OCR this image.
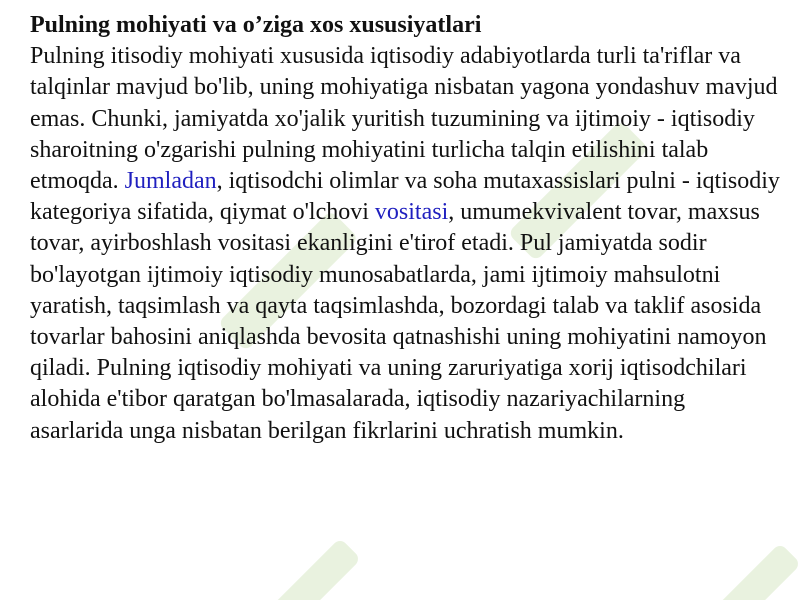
Pulning mohiyati va o’ziga xos xususiyatlari

Pulning itisodiy mohiyati xususida iqtisodiy adabiyotlarda turli ta'riflar va talqinlar mavjud bo'lib, uning mohiyatiga nisbatan yagona yondashuv mavjud emas. Chunki, jamiyatda xo'jalik yuritish tuzumining va ijtimoiy - iqtisodiy sharoitning o'zgarishi pulning mohiyatini turlicha talqin etilishini talab etmoqda. Jumladan, iqtisodchi olimlar va soha mutaxassislari pulni - iqtisodiy kategoriya sifatida, qiymat o'lchovi vositasi, umumekvivalent tovar, maxsus tovar, ayirboshlash vositasi ekanligini e'tirof etadi. Pul jamiyatda sodir bo'layotgan ijtimoiy iqtisodiy munosabatlarda, jami ijtimoiy mahsulotni yaratish, taqsimlash va qayta taqsimlashda, bozordagi talab va taklif asosida tovarlar bahosini aniqlashda bevosita qatnashishi uning mohiyatini namoyon qiladi. Pulning iqtisodiy mohiyati va uning zaruriyatiga xorij iqtisodchilari alohida e'tibor qaratgan bo'lmasalarada, iqtisodiy nazariyachilarning asarlarida unga nisbatan berilgan fikrlarini uchratish mumkin.
